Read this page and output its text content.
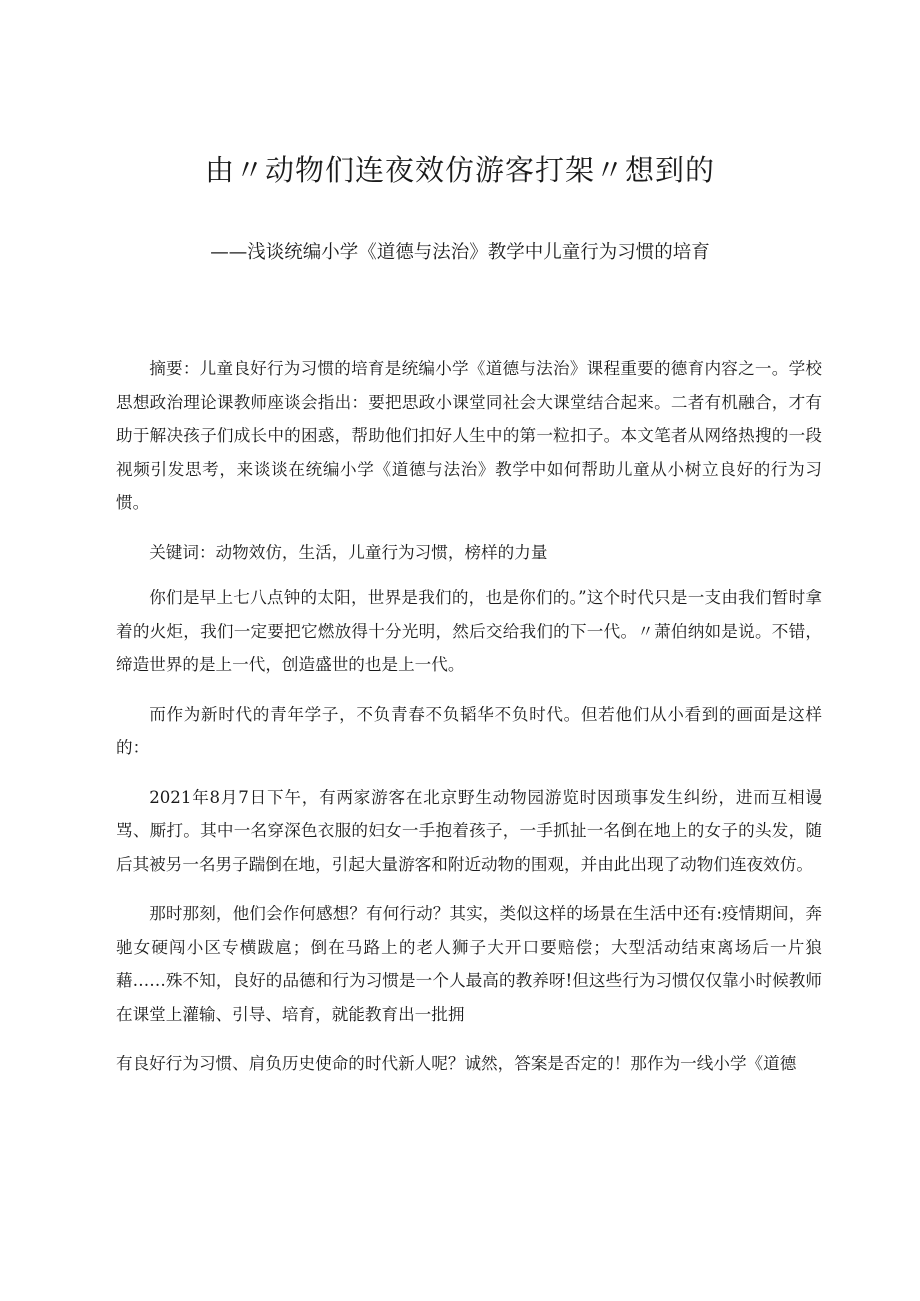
由〃动物们连夜效仿游客打架〃想到的
——浅谈统编小学《道德与法治》教学中儿童行为习惯的培育

摘要：儿童良好行为习惯的培育是统编小学《道德与法治》课程重要的德育内容之一。学校思想政治理论课教师座谈会指出：要把思政小课堂同社会大课堂结合起来。二者有机融合，才有助于解决孩子们成长中的困惑，帮助他们扣好人生中的第一粒扣子。本文笔者从网络热搜的一段视频引发思考，来谈谈在统编小学《道德与法治》教学中如何帮助儿童从小树立良好的行为习惯。

关键词：动物效仿，生活，儿童行为习惯，榜样的力量

你们是早上七八点钟的太阳，世界是我们的，也是你们的。”这个时代只是一支由我们暂时拿着的火炬，我们一定要把它燃放得十分光明，然后交给我们的下一代。〃萧伯纳如是说。不错，缔造世界的是上一代，创造盛世的也是上一代。

而作为新时代的青年学子，不负青春不负韬华不负时代。但若他们从小看到的画面是这样的：

2021年8月7日下午，有两家游客在北京野生动物园游览时因琐事发生纠纷，进而互相谩骂、厮打。其中一名穿深色衣服的妇女一手抱着孩子，一手抓扯一名倒在地上的女子的头发，随后其被另一名男子踹倒在地，引起大量游客和附近动物的围观，并由此出现了动物们连夜效仿。

那时那刻，他们会作何感想？有何行动？其实，类似这样的场景在生活中还有:疫情期间，奔驰女硬闯小区专横跋扈；倒在马路上的老人狮子大开口要赔偿；大型活动结束离场后一片狼藉……殊不知，良好的品德和行为习惯是一个人最高的教养呀!但这些行为习惯仅仅靠小时候教师在课堂上灌输、引导、培育，就能教育出一批拥

有良好行为习惯、肩负历史使命的时代新人呢？诚然，答案是否定的！那作为一线小学《道德
